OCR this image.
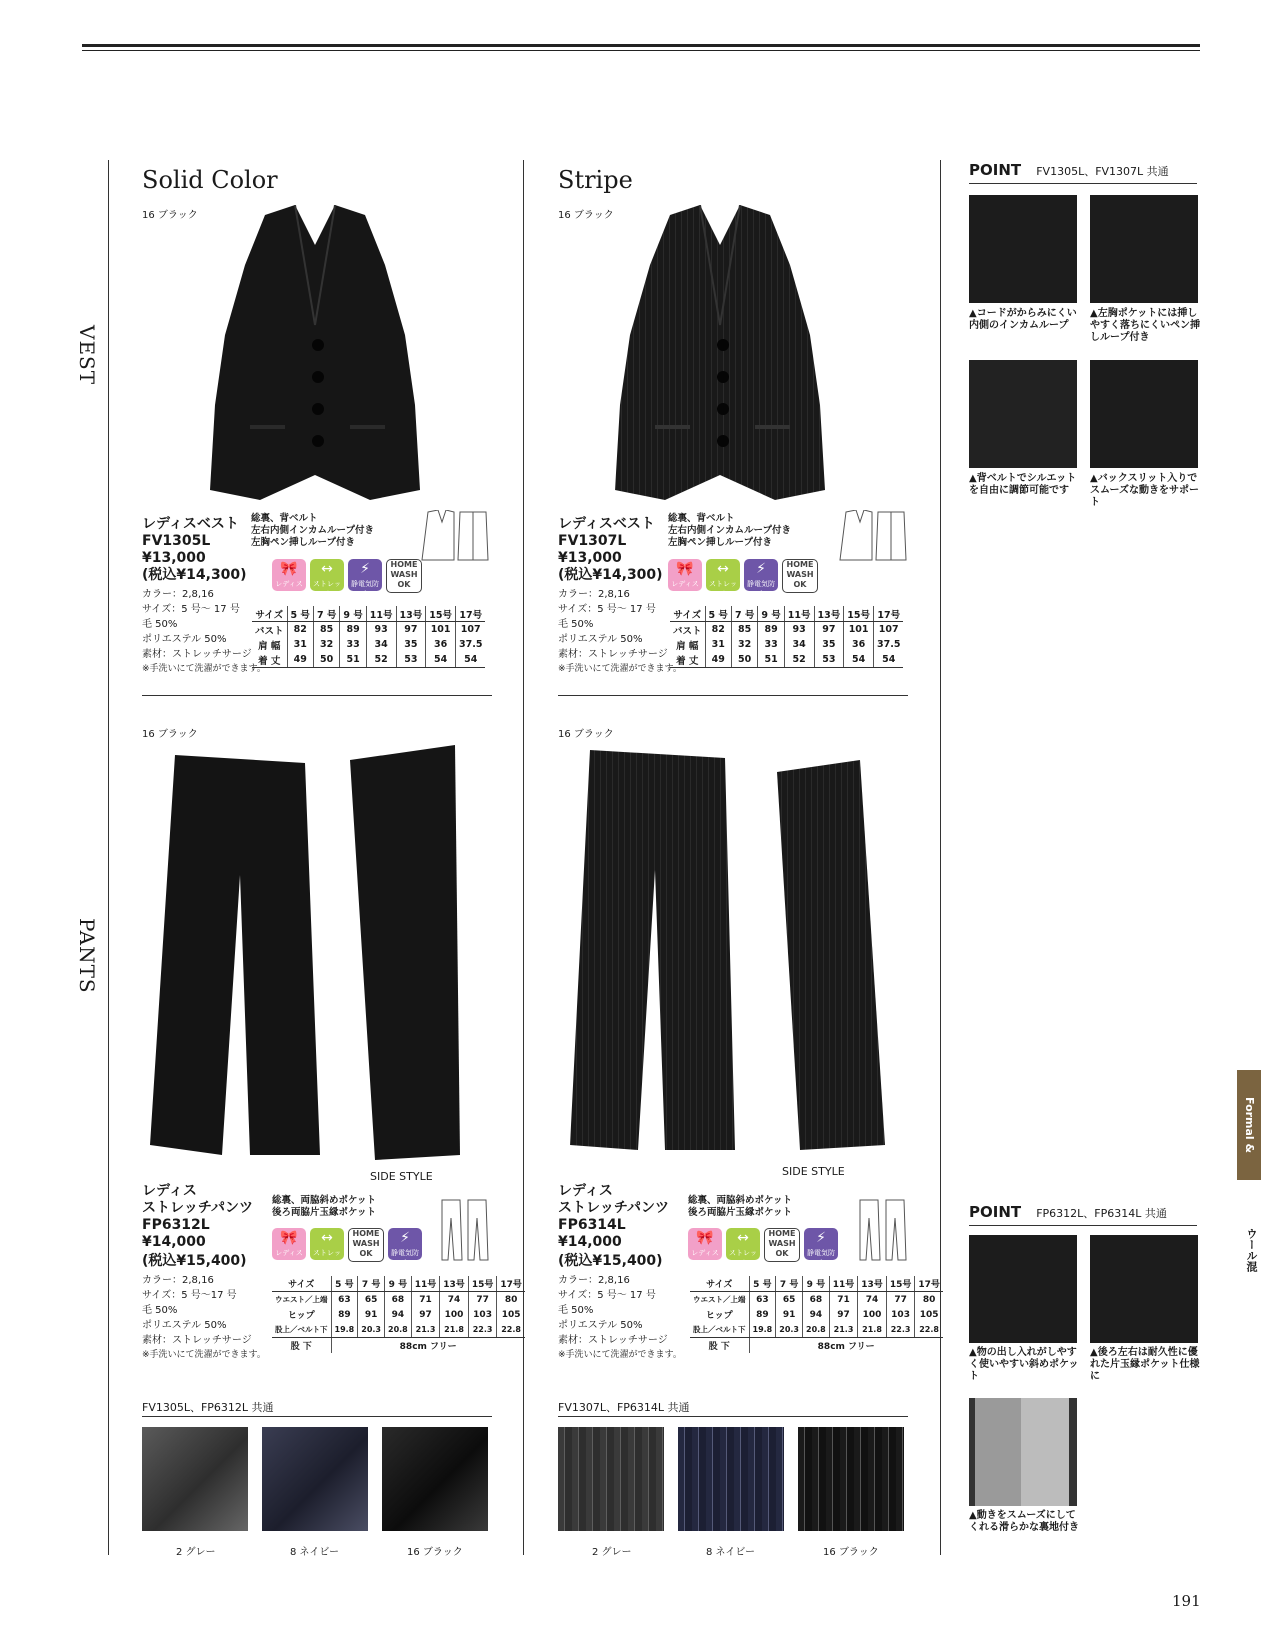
VEST
PANTS
Solid Color
16 ブラック
レディスベスト
FV1305L
¥13,000
(税込¥14,300)
カラー：2,8,16
サイズ：5 号～ 17 号
毛 50%
ポリエステル 50%
素材：ストレッチサージ
※手洗いにて洗濯ができます。
総裏、背ベルト
左右内側インカムループ付き
左胸ペン挿しループ付き
🎀
レディス
↔
ストレッチ
⚡
静電気防止
HOME
WASH
OK
サイズ	5 号	7 号	9 号	11号	13号	15号	17号
バスト	82	85	89	93	97	101	107
肩 幅	31	32	33	34	35	36	37.5
着 丈	49	50	51	52	53	54	54
16 ブラック
SIDE STYLE
レディス
ストレッチパンツ
FP6312L
¥14,000
(税込¥15,400)
カラー：2,8,16
サイズ：5 号～17 号
毛 50%
ポリエステル 50%
素材：ストレッチサージ
※手洗いにて洗濯ができます。
総裏、両脇斜めポケット
後ろ両脇片玉縁ポケット
🎀
レディス
↔
ストレッチ
HOME
WASH
OK
⚡
静電気防止
サイズ	5 号	7 号	9 号	11号	13号	15号	17号
ウエスト／上端	63	65	68	71	74	77	80
ヒップ	89	91	94	97	100	103	105
股上／ベルト下	19.8	20.3	20.8	21.3	21.8	22.3	22.8
股 下	88cm フリー						
FV1305L、FP6312L 共通
2 グレー	8 ネイビー	16 ブラック
Stripe
16 ブラック
レディスベスト
FV1307L
¥13,000
(税込¥14,300)
カラー：2,8,16
サイズ：5 号～ 17 号
毛 50%
ポリエステル 50%
素材：ストレッチサージ
※手洗いにて洗濯ができます。
総裏、背ベルト
左右内側インカムループ付き
左胸ペン挿しループ付き
🎀
レディス
↔
ストレッチ
⚡
静電気防止
HOME
WASH
OK
サイズ	5 号	7 号	9 号	11号	13号	15号	17号
バスト	82	85	89	93	97	101	107
肩 幅	31	32	33	34	35	36	37.5
着 丈	49	50	51	52	53	54	54
16 ブラック
SIDE STYLE
レディス
ストレッチパンツ
FP6314L
¥14,000
(税込¥15,400)
カラー：2,8,16
サイズ：5 号～ 17 号
毛 50%
ポリエステル 50%
素材：ストレッチサージ
※手洗いにて洗濯ができます。
総裏、両脇斜めポケット
後ろ両脇片玉縁ポケット
🎀
レディス
↔
ストレッチ
HOME
WASH
OK
⚡
静電気防止
サイズ	5 号	7 号	9 号	11号	13号	15号	17号
ウエスト／上端	63	65	68	71	74	77	80
ヒップ	89	91	94	97	100	103	105
股上／ベルト下	19.8	20.3	20.8	21.3	21.8	22.3	22.8
股 下	88cm フリー						
FV1307L、FP6314L 共通
2 グレー	8 ネイビー	16 ブラック
POINT FV1305L、FV1307L 共通
▲コードがからみにくい内側のインカムループ
▲左胸ポケットには挿しやすく落ちにくいペン挿しループ付き
▲背ベルトでシルエットを自由に調節可能です
▲バックスリット入りでスムーズな動きをサポート
POINT FP6312L、FP6314L 共通
▲物の出し入れがしやすく使いやすい斜めポケット
▲後ろ左右は耐久性に優れた片玉縁ポケット仕様に
▲動きをスムーズにしてくれる滑らかな裏地付き
Formal & Banquet
ウール混
191
